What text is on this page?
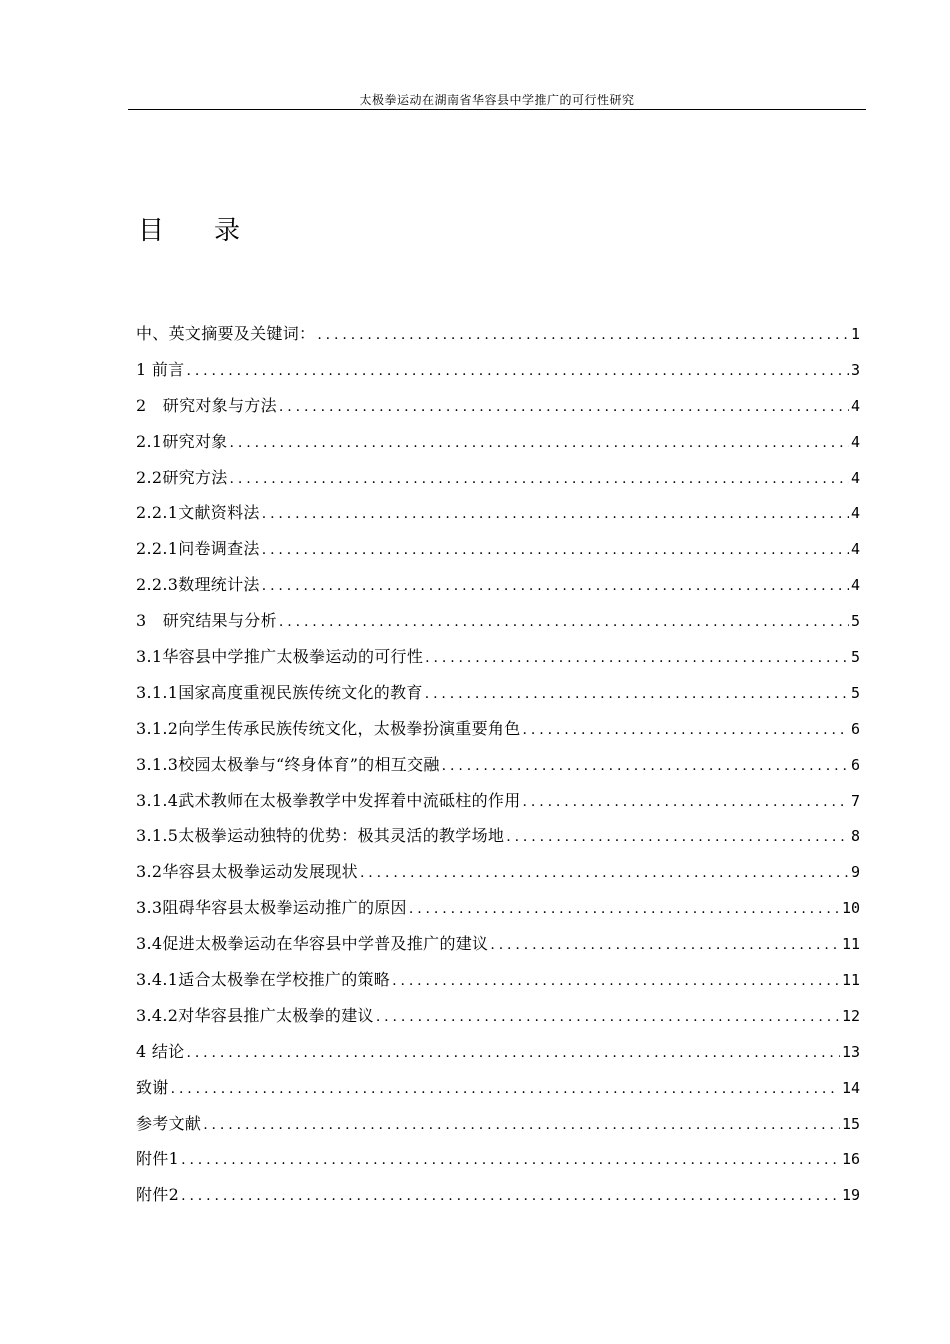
太极拳运动在湖南省华容县中学推广的可行性研究
目 录
中、英文摘要及关键词： .....	1
1 前言 .....	3
2　研究对象与方法 .....	4
2.1研究对象 .....	4
2.2研究方法 .....	4
2.2.1文献资料法 .....	4
2.2.1问卷调查法 .....	4
2.2.3数理统计法 .....	4
3　研究结果与分析 .....	5
3.1华容县中学推广太极拳运动的可行性 .....	5
3.1.1国家高度重视民族传统文化的教育 .....	5
3.1.2向学生传承民族传统文化，太极拳扮演重要角色 .....	6
3.1.3校园太极拳与“终身体育”的相互交融 .....	6
3.1.4武术教师在太极拳教学中发挥着中流砥柱的作用 .....	7
3.1.5太极拳运动独特的优势：极其灵活的教学场地 .....	8
3.2华容县太极拳运动发展现状 .....	9
3.3阻碍华容县太极拳运动推广的原因 .....	10
3.4促进太极拳运动在华容县中学普及推广的建议 .....	11
3.4.1适合太极拳在学校推广的策略 .....	11
3.4.2对华容县推广太极拳的建议 .....	12
4 结论 .....	13
致谢 .....	14
参考文献 .....	15
附件1 .....	16
附件2 .....	19
